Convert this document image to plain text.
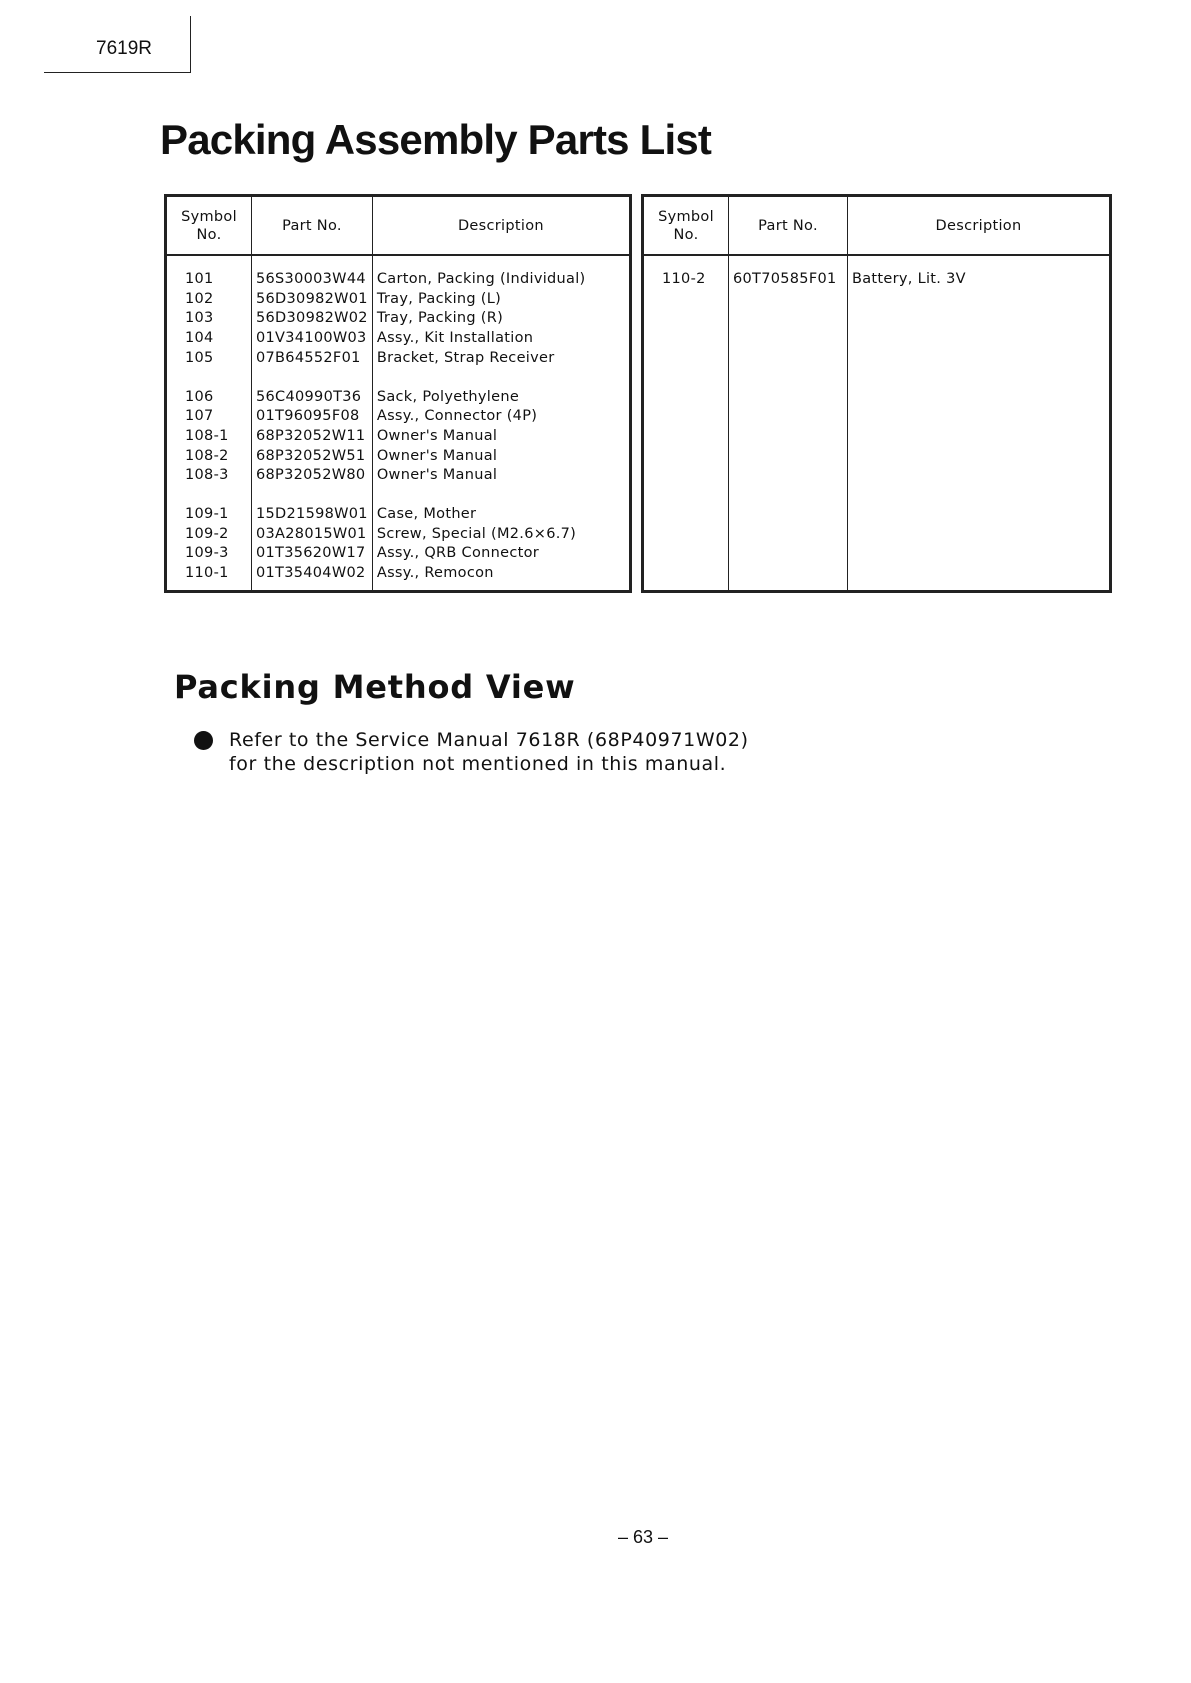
7619R
Packing Assembly Parts List
Symbol No.	Part No.	Description

101	56S30003W44	Carton, Packing (Individual)
102	56D30982W01	Tray, Packing (L)
103	56D30982W02	Tray, Packing (R)
104	01V34100W03	Assy., Kit Installation
105	07B64552F01	Bracket, Strap Receiver

106	56C40990T36	Sack, Polyethylene
107	01T96095F08	Assy., Connector (4P)
108-1	68P32052W11	Owner's Manual
108-2	68P32052W51	Owner's Manual
108-3	68P32052W80	Owner's Manual

109-1	15D21598W01	Case, Mother
109-2	03A28015W01	Screw, Special (M2.6×6.7)
109-3	01T35620W17	Assy., QRB Connector
110-1	01T35404W02	Assy., Remocon

Symbol No.	Part No.	Description

110-2	60T70585F01	Battery, Lit. 3V

Packing Method View

Refer to the Service Manual 7618R (68P40971W02)
for the description not mentioned in this manual.

– 63 –
